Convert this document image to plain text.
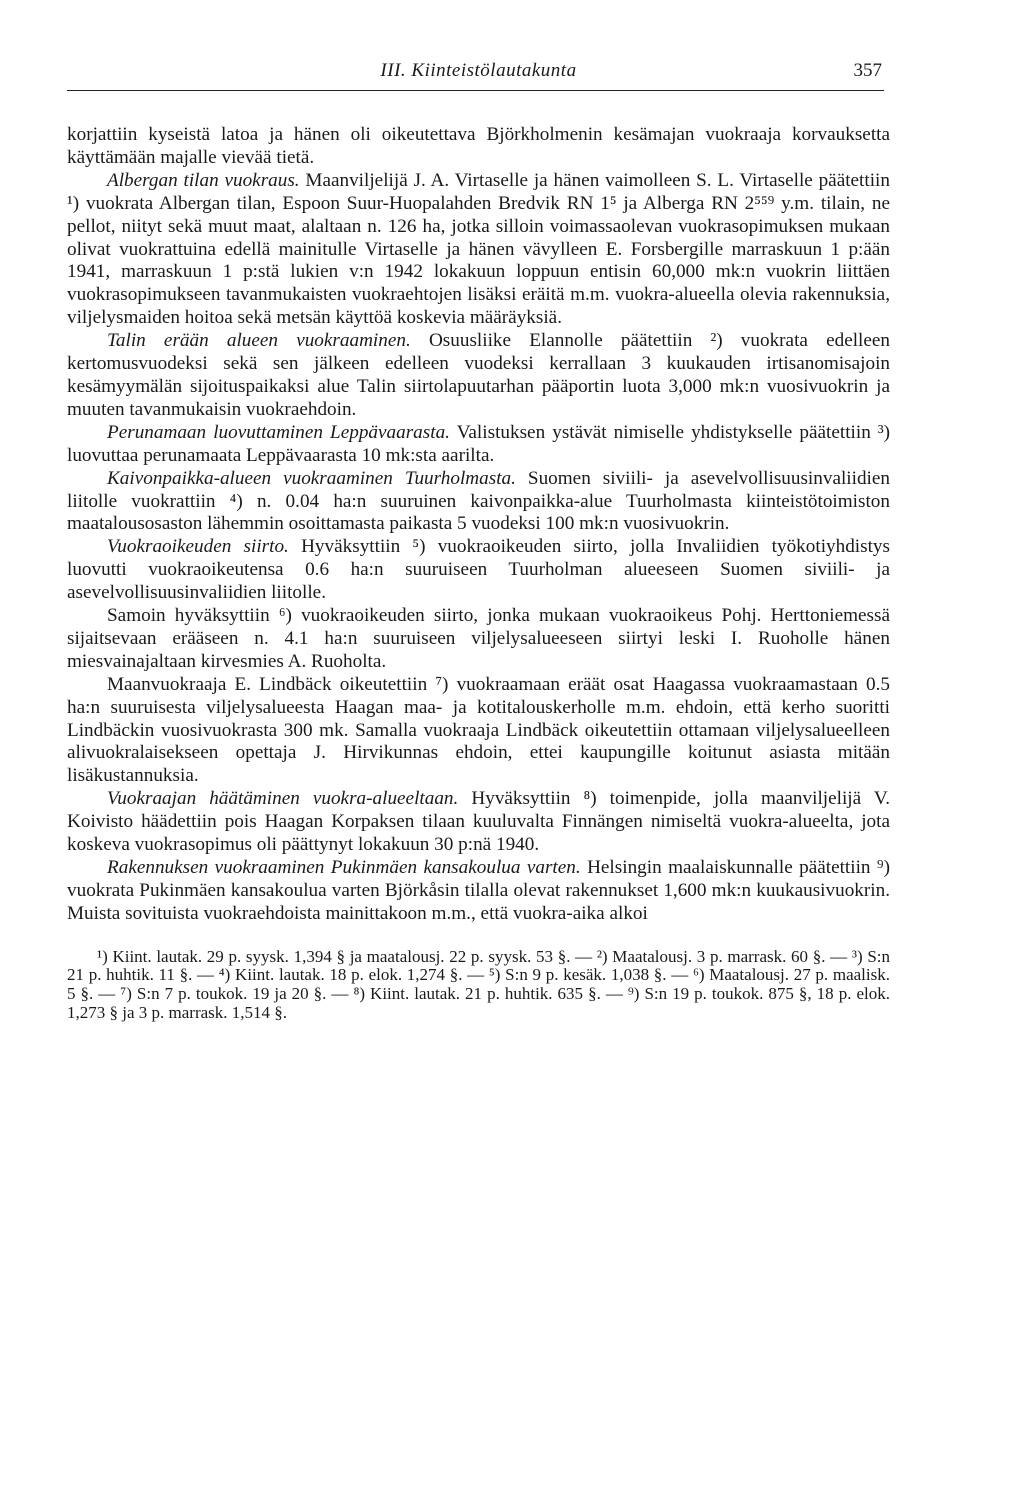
III. Kiinteistölautakunta	357

korjattiin kyseistä latoa ja hänen oli oikeutettava Björkholmenin kesämajan vuokraaja korvauksetta käyttämään majalle vievää tietä.

Albergan tilan vuokraus. Maanviljelijä J. A. Virtaselle ja hänen vaimolleen S. L. Virtaselle päätettiin ¹) vuokrata Albergan tilan, Espoon Suur-Huopalahden Bredvik RN 1⁵ ja Alberga RN 2⁵⁵⁹ y.m. tilain, ne pellot, niityt sekä muut maat, alaltaan n. 126 ha, jotka silloin voimassaolevan vuokrasopimuksen mukaan olivat vuokrattuina edellä mainitulle Virtaselle ja hänen vävylleen E. Forsbergille marraskuun 1 p:ään 1941, marraskuun 1 p:stä lukien v:n 1942 lokakuun loppuun entisin 60,000 mk:n vuokrin liittäen vuokrasopimukseen tavanmukaisten vuokraehtojen lisäksi eräitä m.m. vuokra-alueella olevia rakennuksia, viljelysmaiden hoitoa sekä metsän käyttöä koskevia määräyksiä.

Talin erään alueen vuokraaminen. Osuusliike Elannolle päätettiin ²) vuokrata edelleen kertomusvuodeksi sekä sen jälkeen edelleen vuodeksi kerrallaan 3 kuukauden irtisanomisajoin kesämyymälän sijoituspaikaksi alue Talin siirtolapuutarhan pääportin luota 3,000 mk:n vuosivuokrin ja muuten tavanmukaisin vuokraehdoin.

Perunamaan luovuttaminen Leppävaarasta. Valistuksen ystävät nimiselle yhdistykselle päätettiin ³) luovuttaa perunamaata Leppävaarasta 10 mk:sta aarilta.

Kaivonpaikka-alueen vuokraaminen Tuurholmasta. Suomen siviili- ja asevelvollisuusinvaliidien liitolle vuokrattiin ⁴) n. 0.04 ha:n suuruinen kaivonpaikka-alue Tuurholmasta kiinteistötoimiston maatalousosaston lähemmin osoittamasta paikasta 5 vuodeksi 100 mk:n vuosivuokrin.

Vuokraoikeuden siirto. Hyväksyttiin ⁵) vuokraoikeuden siirto, jolla Invaliidien työkotiyhdistys luovutti vuokraoikeutensa 0.6 ha:n suuruiseen Tuurholman alueeseen Suomen siviili- ja asevelvollisuusinvaliidien liitolle.

Samoin hyväksyttiin ⁶) vuokraoikeuden siirto, jonka mukaan vuokraoikeus Pohj. Herttoniemessä sijaitsevaan erääseen n. 4.1 ha:n suuruiseen viljelysalueeseen siirtyi leski I. Ruoholle hänen miesvainajaltaan kirvesmies A. Ruoholta.

Maanvuokraaja E. Lindbäck oikeutettiin ⁷) vuokraamaan eräät osat Haagassa vuokraamastaan 0.5 ha:n suuruisesta viljelysalueesta Haagan maa- ja kotitalouskerholle m.m. ehdoin, että kerho suoritti Lindbäckin vuosivuokrasta 300 mk. Samalla vuokraaja Lindbäck oikeutettiin ottamaan viljelysalueelleen alivuokralaisekseen opettaja J. Hirvikunnas ehdoin, ettei kaupungille koitunut asiasta mitään lisäkustannuksia.

Vuokraajan häätäminen vuokra-alueeltaan. Hyväksyttiin ⁸) toimenpide, jolla maanviljelijä V. Koivisto häädettiin pois Haagan Korpaksen tilaan kuuluvalta Finnängen nimiseltä vuokra-alueelta, jota koskeva vuokrasopimus oli päättynyt lokakuun 30 p:nä 1940.

Rakennuksen vuokraaminen Pukinmäen kansakoulua varten. Helsingin maalaiskunnalle päätettiin ⁹) vuokrata Pukinmäen kansakoulua varten Björkåsin tilalla olevat rakennukset 1,600 mk:n kuukausivuokrin. Muista sovituista vuokraehdoista mainittakoon m.m., että vuokra-aika alkoi

¹) Kiint. lautak. 29 p. syysk. 1,394 § ja maatalousj. 22 p. syysk. 53 §. — ²) Maatalousj. 3 p. marrask. 60 §. — ³) S:n 21 p. huhtik. 11 §. — ⁴) Kiint. lautak. 18 p. elok. 1,274 §. — ⁵) S:n 9 p. kesäk. 1,038 §. — ⁶) Maatalousj. 27 p. maalisk. 5 §. — ⁷) S:n 7 p. toukok. 19 ja 20 §. — ⁸) Kiint. lautak. 21 p. huhtik. 635 §. — ⁹) S:n 19 p. toukok. 875 §, 18 p. elok. 1,273 § ja 3 p. marrask. 1,514 §.
